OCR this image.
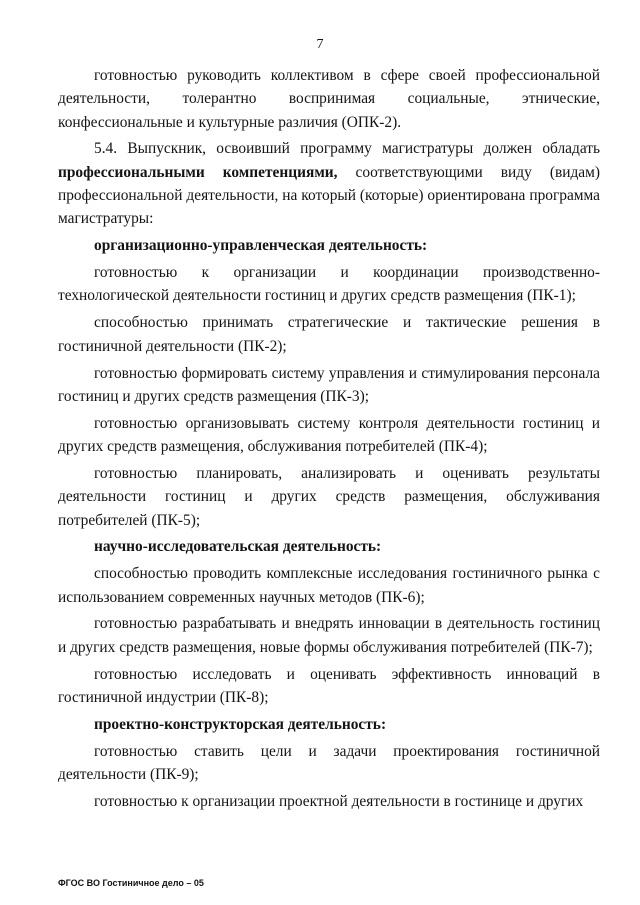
7

готовностью руководить коллективом в сфере своей профессиональной деятельности, толерантно воспринимая социальные, этнические, конфессиональные и культурные различия (ОПК-2).

5.4. Выпускник, освоивший программу магистратуры должен обладать профессиональными компетенциями, соответствующими виду (видам) профессиональной деятельности, на который (которые) ориентирована программа магистратуры:

организационно-управленческая деятельность:

готовностью к организации и координации производственно-технологической деятельности гостиниц и других средств размещения (ПК-1);

способностью принимать стратегические и тактические решения в гостиничной деятельности (ПК-2);

готовностью формировать систему управления и стимулирования персонала гостиниц и других средств размещения (ПК-3);

готовностью организовывать систему контроля деятельности гостиниц и других средств размещения, обслуживания потребителей (ПК-4);

готовностью планировать, анализировать и оценивать результаты деятельности гостиниц и других средств размещения, обслуживания потребителей (ПК-5);

научно-исследовательская деятельность:

способностью проводить комплексные исследования гостиничного рынка с использованием современных научных методов (ПК-6);

готовностью разрабатывать и внедрять инновации в деятельность гостиниц и других средств размещения, новые формы обслуживания потребителей (ПК-7);

готовностью исследовать и оценивать эффективность инноваций в гостиничной индустрии (ПК-8);

проектно-конструкторская деятельность:

готовностью ставить цели и задачи проектирования гостиничной деятельности (ПК-9);

готовностью к организации проектной деятельности в гостинице и других

ФГОС ВО Гостиничное дело – 05
